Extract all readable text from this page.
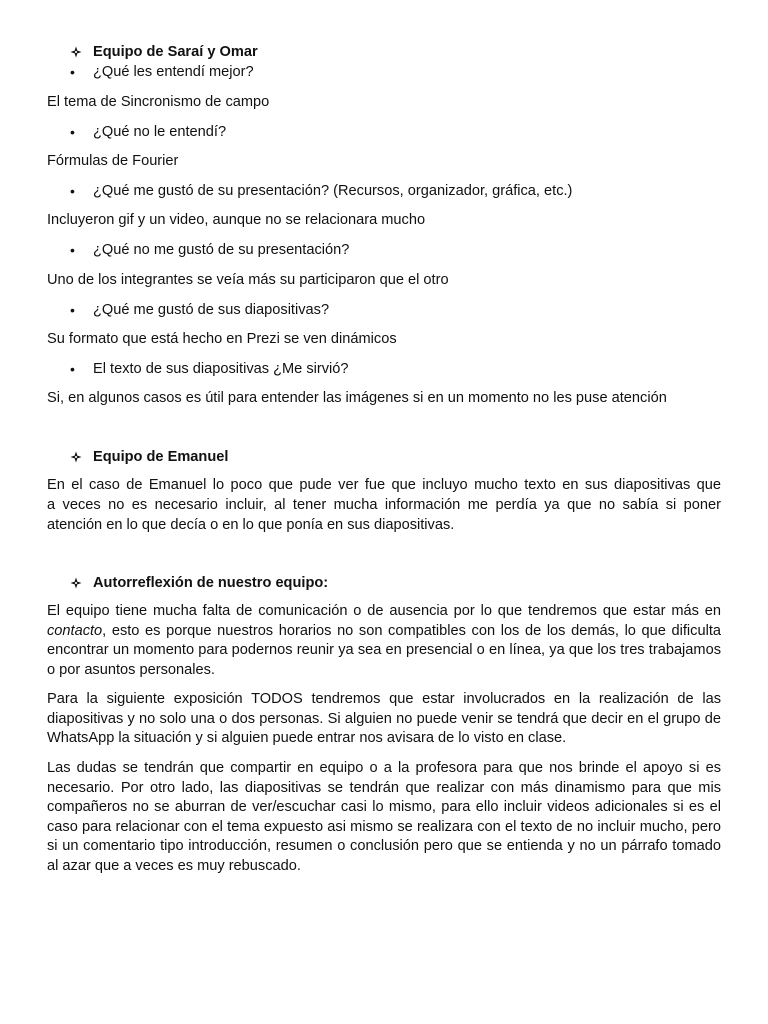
Equipo de Saraí y Omar
• ¿Qué les entendí mejor?
El tema de Sincronismo de campo
• ¿Qué no le entendí?
Fórmulas de Fourier
• ¿Qué me gustó de su presentación? (Recursos, organizador, gráfica, etc.)
Incluyeron gif y un video, aunque no se relacionara mucho
• ¿Qué no me gustó de su presentación?
Uno de los integrantes se veía más su participaron que el otro
• ¿Qué me gustó de sus diapositivas?
Su formato que está hecho en Prezi se ven dinámicos
• El texto de sus diapositivas ¿Me sirvió?
Si, en algunos casos es útil para entender las imágenes si en un momento no les puse atención
Equipo de Emanuel
En el caso de Emanuel lo poco que pude ver fue que incluyo mucho texto en sus diapositivas que
a veces no es necesario incluir, al tener mucha información me perdía ya que no sabía si poner
atención en lo que decía o en lo que ponía en sus diapositivas.
Autorreflexión de nuestro equipo:
El equipo tiene mucha falta de comunicación o de ausencia por lo que tendremos que estar más en contacto, esto es porque nuestros horarios no son compatibles con los de los demás, lo que dificulta encontrar un momento para podernos reunir ya sea en presencial o en línea, ya que los tres trabajamos o por asuntos personales.
Para la siguiente exposición TODOS tendremos que estar involucrados en la realización de las diapositivas y no solo una o dos personas. Si alguien no puede venir se tendrá que decir en el grupo de WhatsApp la situación y si alguien puede entrar nos avisara de lo visto en clase.
Las dudas se tendrán que compartir en equipo o a la profesora para que nos brinde el apoyo si es necesario. Por otro lado, las diapositivas se tendrán que realizar con más dinamismo para que mis compañeros no se aburran de ver/escuchar casi lo mismo, para ello incluir videos adicionales si es el caso para relacionar con el tema expuesto asi mismo se realizara con el texto de no incluir mucho, pero si un comentario tipo introducción, resumen o conclusión pero que se entienda y no un párrafo tomado al azar que a veces es muy rebuscado.
